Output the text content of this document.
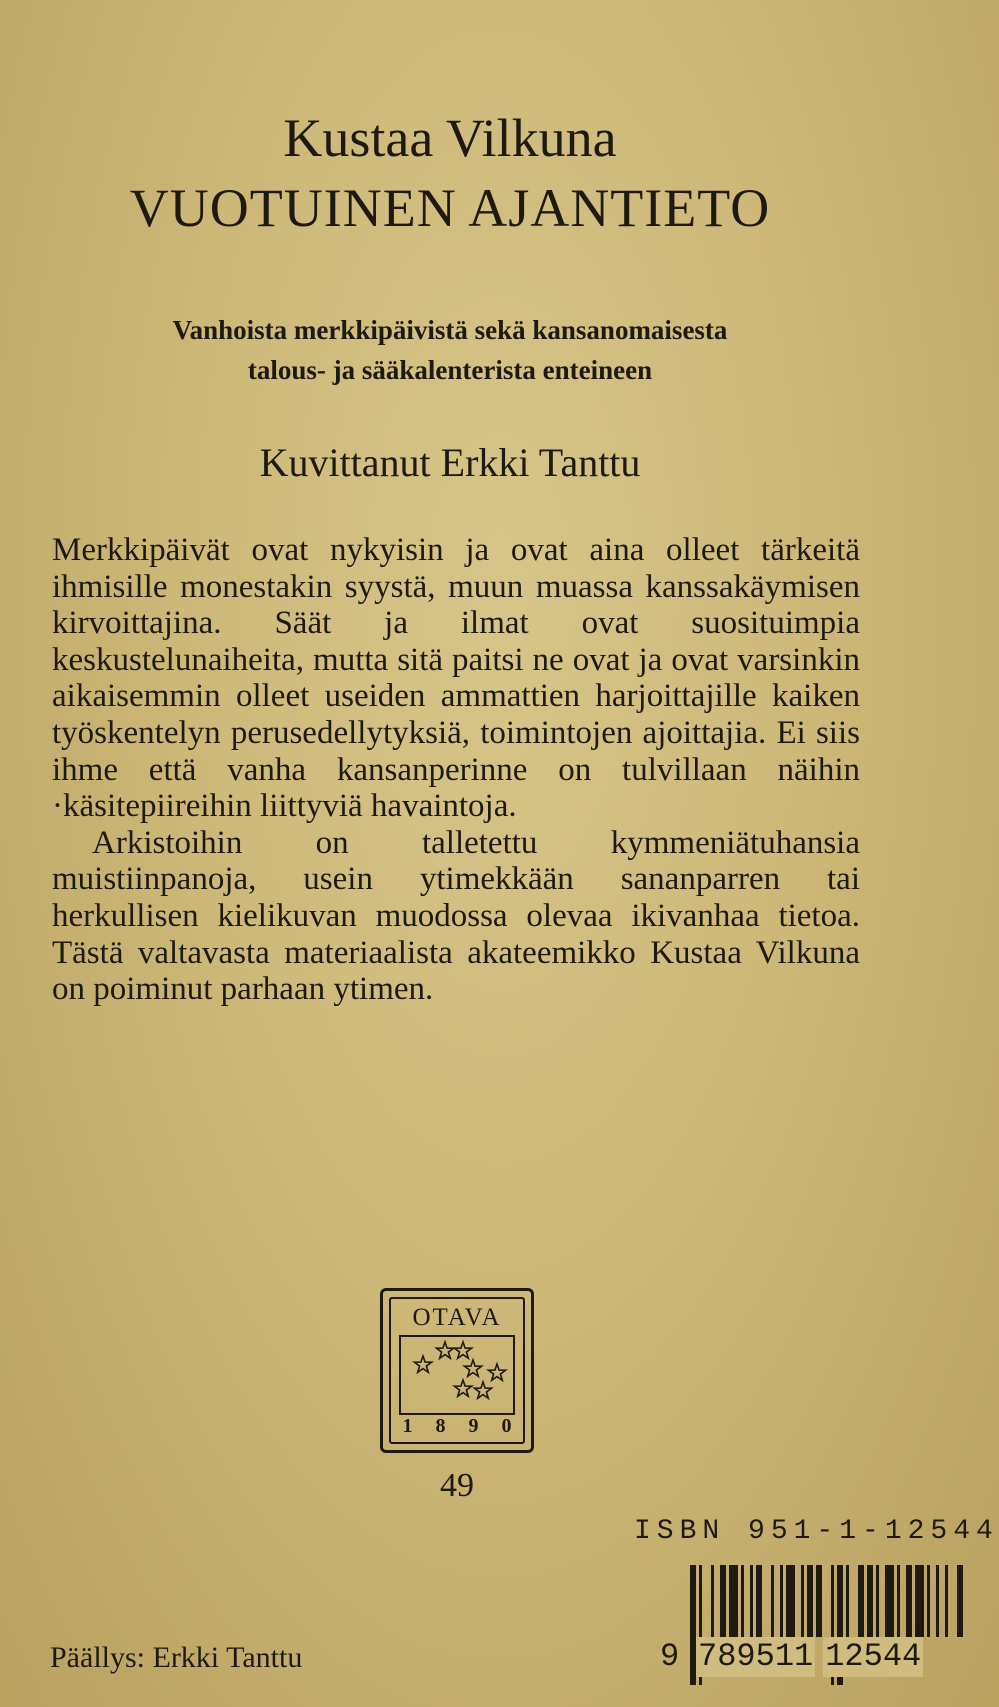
Kustaa Vilkuna
VUOTUINEN AJANTIETO
Vanhoista merkkipäivistä sekä kansanomaisesta
talous- ja sääkalenterista enteineen
Kuvittanut Erkki Tanttu

Merkkipäivät ovat nykyisin ja ovat aina olleet tärkeitä ihmisille monestakin syystä, muun muassa kanssakäymisen kirvoittajina. Säät ja ilmat ovat suosituimpia keskustelunaiheita, mutta sitä paitsi ne ovat ja ovat varsinkin aikaisemmin olleet useiden ammattien harjoittajille kaiken työskentelyn perusedellytyksiä, toimintojen ajoittajia. Ei siis ihme että vanha kansanperinne on tulvillaan näihin ·käsitepiireihin liittyviä havaintoja.

Arkistoihin on talletettu kymmeniätuhansia muistiinpanoja, usein ytimekkään sananparren tai herkullisen kielikuvan muodossa olevaa ikivanhaa tietoa. Tästä valtavasta materiaalista akateemikko Kustaa Vilkuna on poiminut parhaan ytimen.

OTAVA
1 8 9 0
49
ISBN 951-1-12544
9 789511 12544
Päällys: Erkki Tanttu
